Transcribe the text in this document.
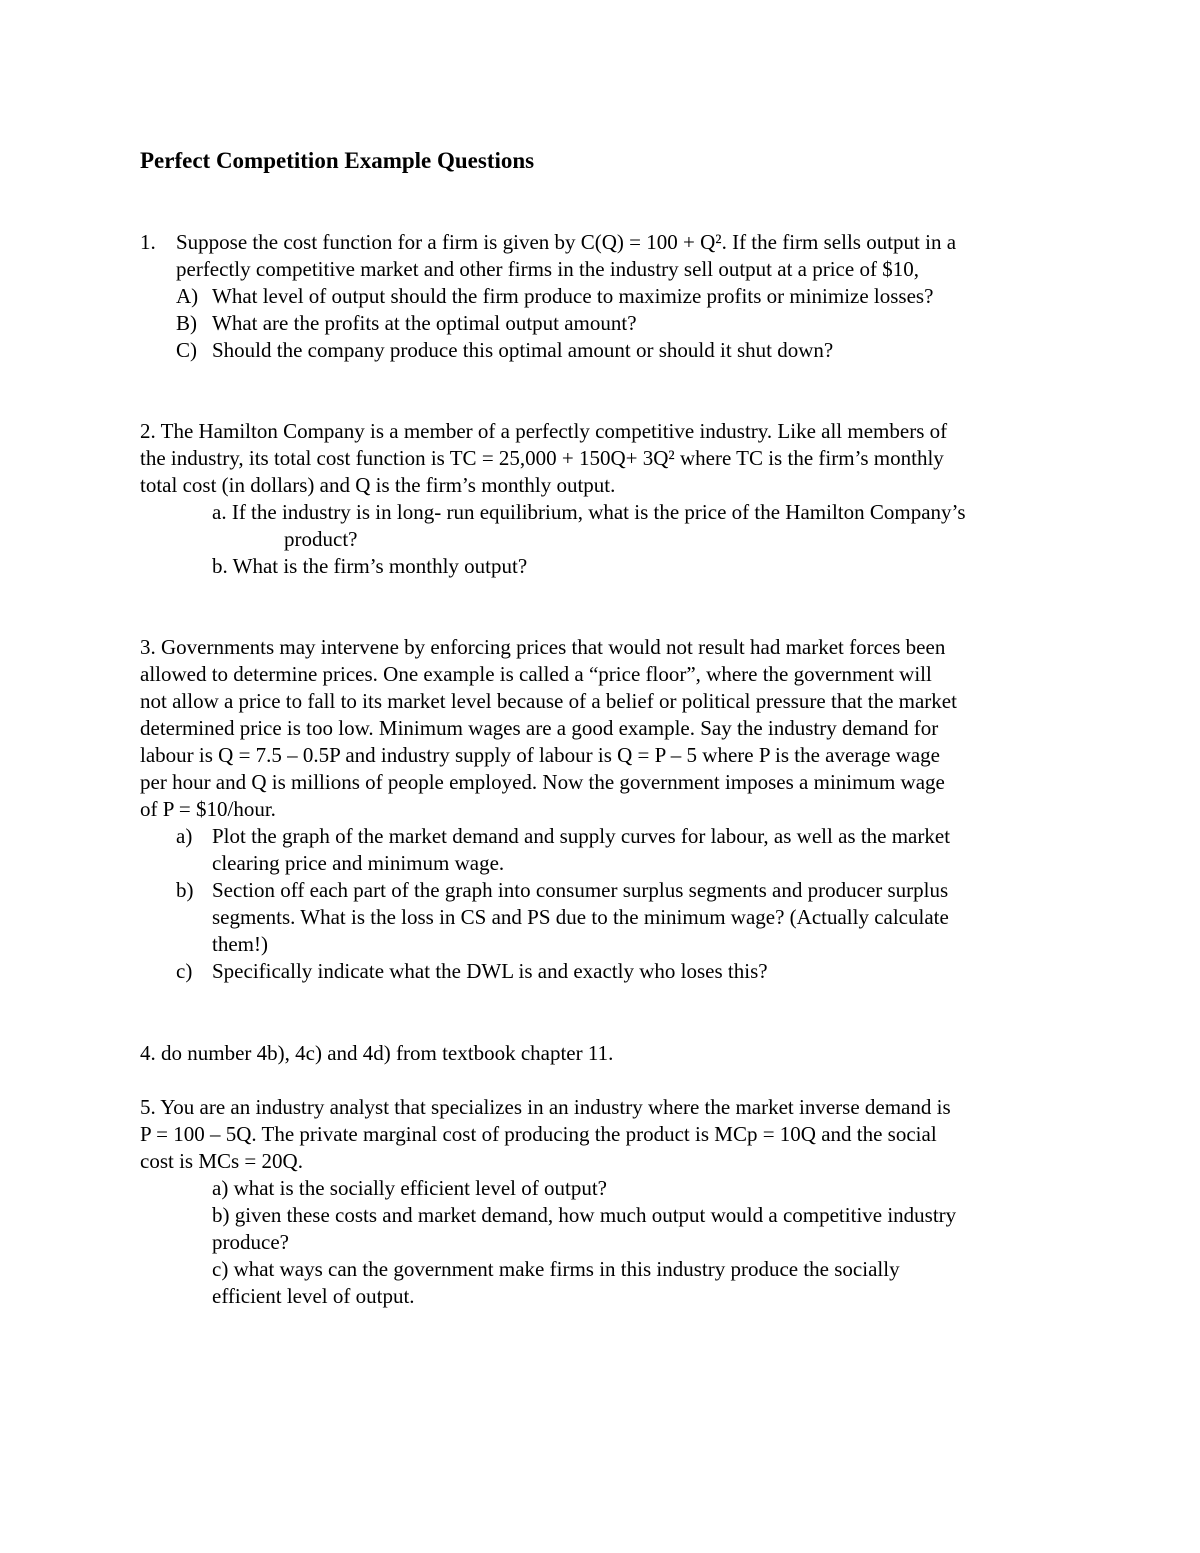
Perfect Competition Example Questions
1. Suppose the cost function for a firm is given by C(Q) = 100 + Q². If the firm sells output in a
perfectly competitive market and other firms in the industry sell output at a price of $10,
A) What level of output should the firm produce to maximize profits or minimize losses?
B) What are the profits at the optimal output amount?
C) Should the company produce this optimal amount or should it shut down?
2. The Hamilton Company is a member of a perfectly competitive industry. Like all members of
the industry, its total cost function is TC = 25,000 + 150Q+ 3Q² where TC is the firm’s monthly
total cost (in dollars) and Q is the firm’s monthly output.
a. If the industry is in long- run equilibrium, what is the price of the Hamilton Company’s
product?
b. What is the firm’s monthly output?
3. Governments may intervene by enforcing prices that would not result had market forces been
allowed to determine prices. One example is called a “price floor”, where the government will
not allow a price to fall to its market level because of a belief or political pressure that the market
determined price is too low. Minimum wages are a good example. Say the industry demand for
labour is Q = 7.5 – 0.5P and industry supply of labour is Q = P – 5 where P is the average wage
per hour and Q is millions of people employed. Now the government imposes a minimum wage
of P = $10/hour.
a) Plot the graph of the market demand and supply curves for labour, as well as the market
clearing price and minimum wage.
b) Section off each part of the graph into consumer surplus segments and producer surplus
segments. What is the loss in CS and PS due to the minimum wage? (Actually calculate
them!)
c) Specifically indicate what the DWL is and exactly who loses this?
4. do number 4b), 4c) and 4d) from textbook chapter 11.
5. You are an industry analyst that specializes in an industry where the market inverse demand is
P = 100 – 5Q. The private marginal cost of producing the product is MCp = 10Q and the social
cost is MCs = 20Q.
a) what is the socially efficient level of output?
b) given these costs and market demand, how much output would a competitive industry
produce?
c) what ways can the government make firms in this industry produce the socially
efficient level of output.
